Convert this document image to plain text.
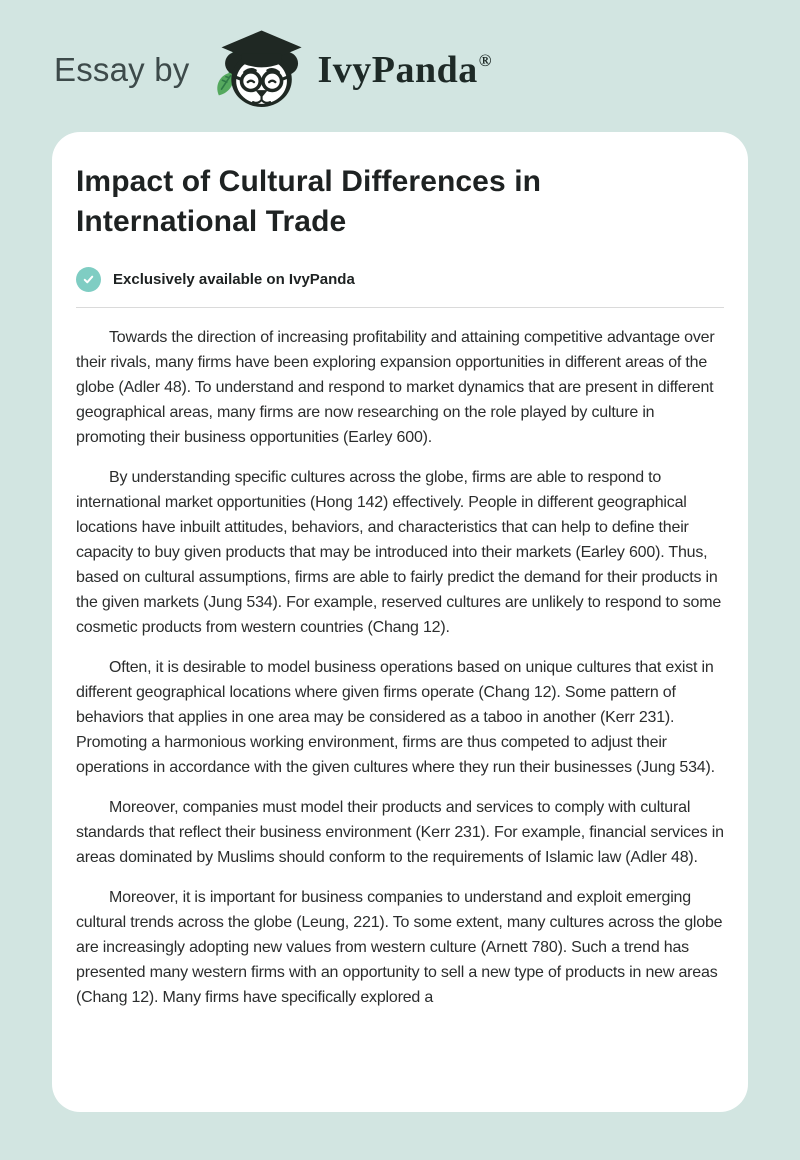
Essay by	IvyPanda®
Impact of Cultural Differences in International Trade
Exclusively available on IvyPanda

Towards the direction of increasing profitability and attaining competitive advantage over their rivals, many firms have been exploring expansion opportunities in different areas of the globe (Adler 48). To understand and respond to market dynamics that are present in different geographical areas, many firms are now researching on the role played by culture in promoting their business opportunities (Earley 600).

By understanding specific cultures across the globe, firms are able to respond to international market opportunities (Hong 142) effectively. People in different geographical locations have inbuilt attitudes, behaviors, and characteristics that can help to define their capacity to buy given products that may be introduced into their markets (Earley 600). Thus, based on cultural assumptions, firms are able to fairly predict the demand for their products in the given markets (Jung 534). For example, reserved cultures are unlikely to respond to some cosmetic products from western countries (Chang 12).

Often, it is desirable to model business operations based on unique cultures that exist in different geographical locations where given firms operate (Chang 12). Some pattern of behaviors that applies in one area may be considered as a taboo in another (Kerr 231). Promoting a harmonious working environment, firms are thus competed to adjust their operations in accordance with the given cultures where they run their businesses (Jung 534).

Moreover, companies must model their products and services to comply with cultural standards that reflect their business environment (Kerr 231). For example, financial services in areas dominated by Muslims should conform to the requirements of Islamic law (Adler 48).

Moreover, it is important for business companies to understand and exploit emerging cultural trends across the globe (Leung, 221). To some extent, many cultures across the globe are increasingly adopting new values from western culture (Arnett 780). Such a trend has presented many western firms with an opportunity to sell a new type of products in new areas (Chang 12). Many firms have specifically explored a
